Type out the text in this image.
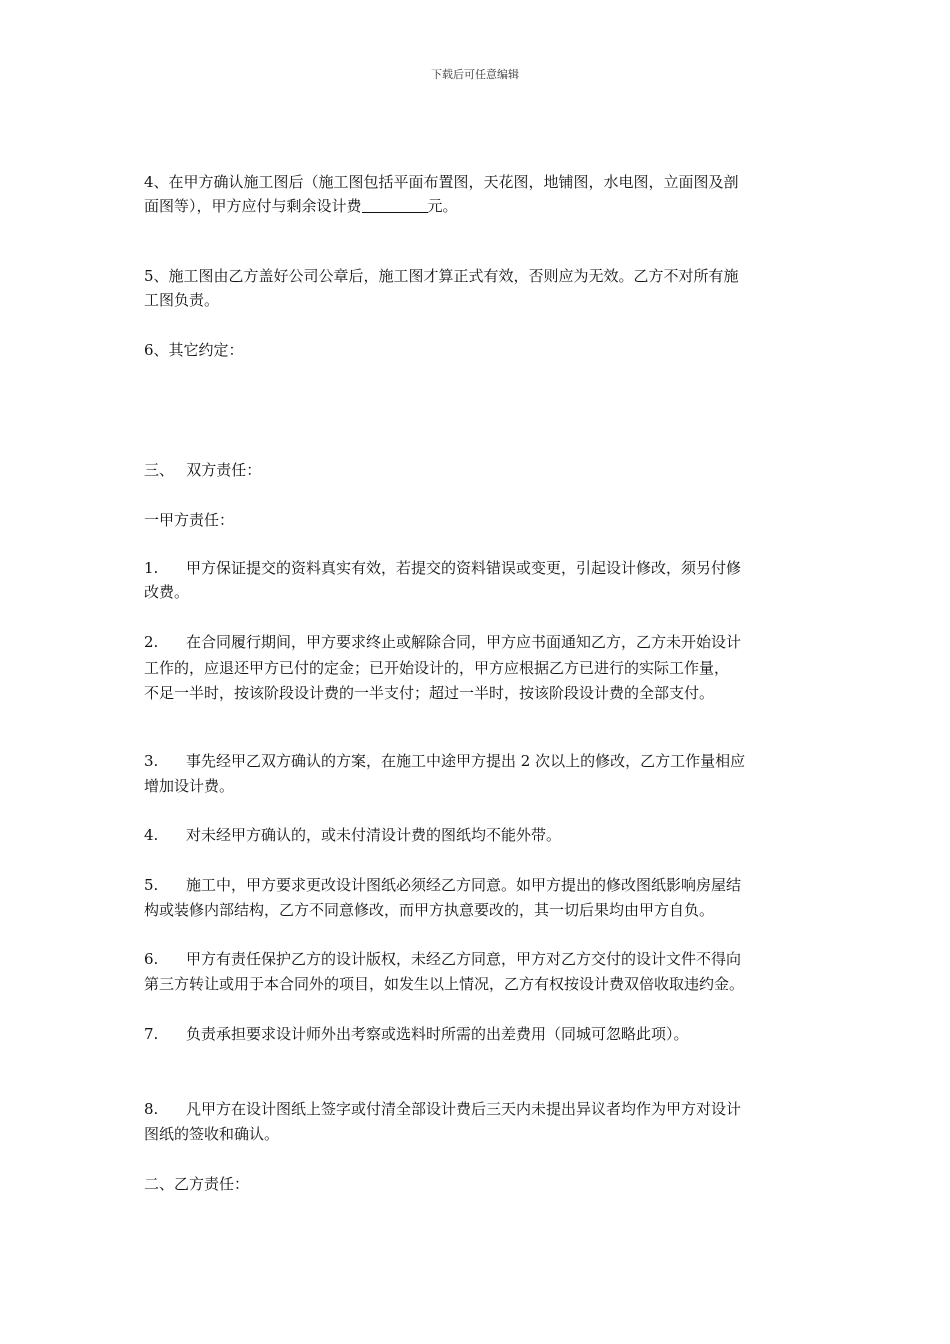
下载后可任意编辑
4、在甲方确认施工图后（施工图包括平面布置图，天花图，地铺图，水电图，立面图及剖
面图等），甲方应付与剩余设计费	元。
5、施工图由乙方盖好公司公章后，施工图才算正式有效，否则应为无效。乙方不对所有施
工图负责。
6、其它约定：
三、　 双方责任：
一甲方责任：
1. 甲方保证提交的资料真实有效，若提交的资料错误或变更，引起设计修改，须另付修
改费。
2. 在合同履行期间，甲方要求终止或解除合同，甲方应书面通知乙方，乙方未开始设计
工作的，应退还甲方已付的定金；已开始设计的，甲方应根据乙方已进行的实际工作量，
不足一半时，按该阶段设计费的一半支付；超过一半时，按该阶段设计费的全部支付。
3. 事先经甲乙双方确认的方案，在施工中途甲方提出 2 次以上的修改，乙方工作量相应
增加设计费。
4. 对未经甲方确认的，或未付清设计费的图纸均不能外带。
5. 施工中，甲方要求更改设计图纸必须经乙方同意。如甲方提出的修改图纸影响房屋结
构或装修内部结构，乙方不同意修改，而甲方执意要改的，其一切后果均由甲方自负。
6. 甲方有责任保护乙方的设计版权，未经乙方同意，甲方对乙方交付的设计文件不得向
第三方转让或用于本合同外的项目，如发生以上情况，乙方有权按设计费双倍收取违约金。
7. 负责承担要求设计师外出考察或选料时所需的出差费用（同城可忽略此项）。
8. 凡甲方在设计图纸上签字或付清全部设计费后三天内未提出异议者均作为甲方对设计
图纸的签收和确认。
二、乙方责任：
